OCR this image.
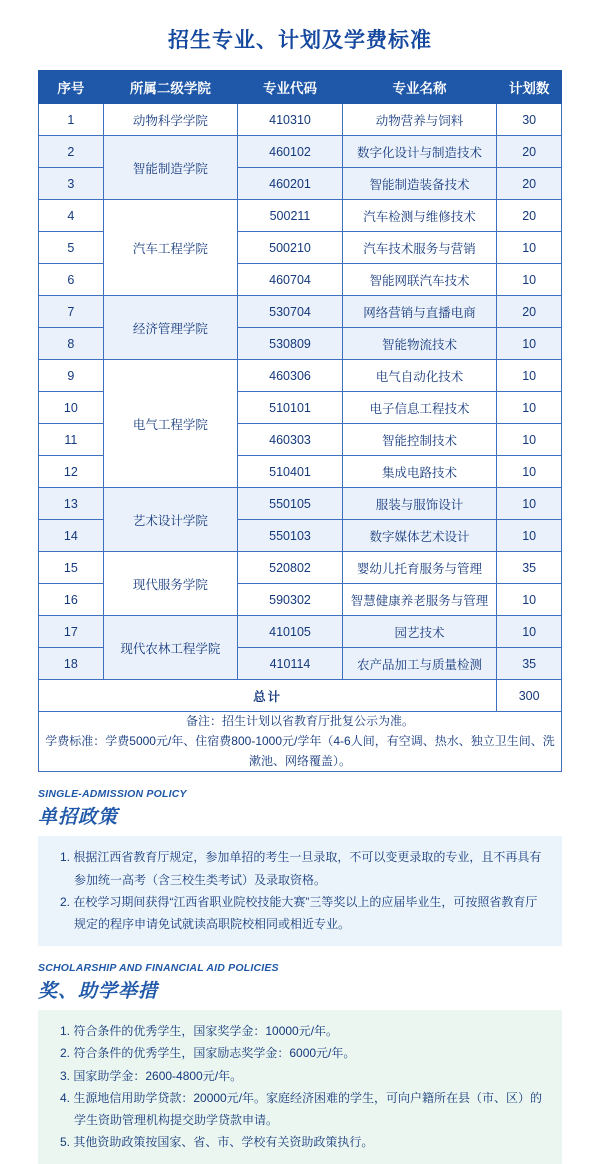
招生专业、计划及学费标准
序号	所属二级学院	专业代码	专业名称	计划数
1	动物科学学院	410310	动物营养与饲料	30
2	智能制造学院	460102	数字化设计与制造技术	20
3		460201	智能制造装备技术	20
4	汽车工程学院	500211	汽车检测与维修技术	20
5		500210	汽车技术服务与营销	10
6		460704	智能网联汽车技术	10
7	经济管理学院	530704	网络营销与直播电商	20
8		530809	智能物流技术	10
9	电气工程学院	460306	电气自动化技术	10
10		510101	电子信息工程技术	10
11		460303	智能控制技术	10
12		510401	集成电路技术	10
13	艺术设计学院	550105	服装与服饰设计	10
14		550103	数字媒体艺术设计	10
15	现代服务学院	520802	婴幼儿托育服务与管理	35
16		590302	智慧健康养老服务与管理	10
17	现代农林工程学院	410105	园艺技术	10
18		410114	农产品加工与质量检测	35
总计				300

备注：招生计划以省教育厅批复公示为准。
学费标准：学费5000元/年、住宿费800-1000元/学年（4-6人间，有空调、热水、独立卫生间、洗漱池、网络覆盖）。				
SINGLE-ADMISSION POLICY
单招政策

1. 根据江西省教育厅规定，参加单招的考生一旦录取，不可以变更录取的专业，且不再具有参加统一高考（含三校生类考试）及录取资格。

2. 在校学习期间获得“江西省职业院校技能大赛”三等奖以上的应届毕业生，可按照省教育厅规定的程序申请免试就读高职院校相同或相近专业。

SCHOLARSHIP AND FINANCIAL AID POLICIES
奖、助学举措

1. 符合条件的优秀学生，国家奖学金：10000元/年。

2. 符合条件的优秀学生，国家励志奖学金：6000元/年。

3. 国家助学金：2600-4800元/年。

4. 生源地信用助学贷款：20000元/年。家庭经济困难的学生，可向户籍所在县（市、区）的学生资助管理机构提交助学贷款申请。

5. 其他资助政策按国家、省、市、学校有关资助政策执行。
